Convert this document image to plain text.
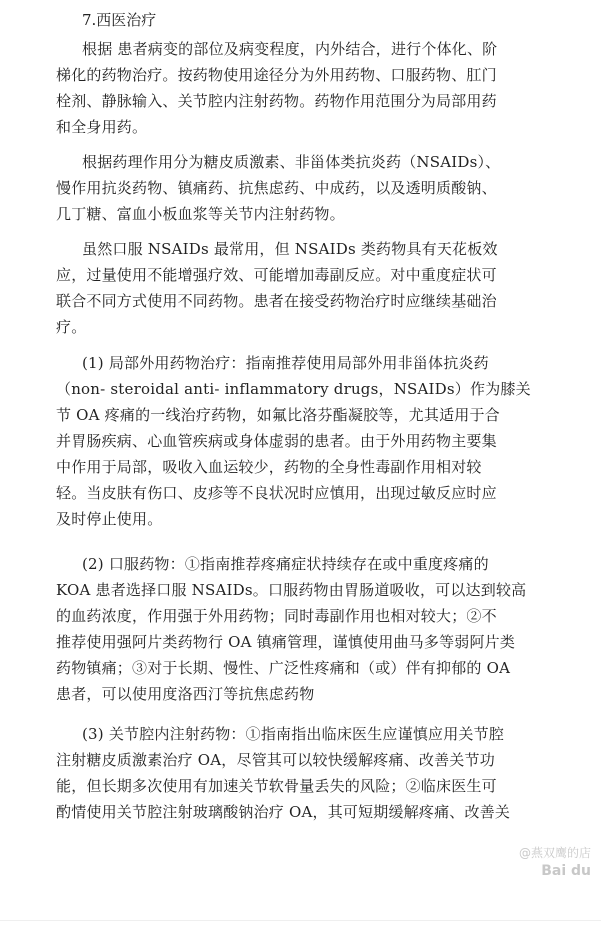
7.西医治疗
根据 患者病变的部位及病变程度，内外结合，进行个体化、阶
梯化的药物治疗。按药物使用途径分为外用药物、口服药物、肛门
栓剂、静脉输入、关节腔内注射药物。药物作用范围分为局部用药
和全身用药。
根据药理作用分为糖皮质激素、非甾体类抗炎药（NSAIDs）、
慢作用抗炎药物、镇痛药、抗焦虑药、中成药，以及透明质酸钠、
几丁糖、富血小板血浆等关节内注射药物。
虽然口服 NSAIDs 最常用，但 NSAIDs 类药物具有天花板效
应，过量使用不能增强疗效、可能增加毒副反应。对中重度症状可
联合不同方式使用不同药物。患者在接受药物治疗时应继续基础治
疗。
(1) 局部外用药物治疗：指南推荐使用局部外用非甾体抗炎药
（non- steroidal anti- inflammatory drugs，NSAIDs）作为膝关
节 OA 疼痛的一线治疗药物，如氟比洛芬酯凝胶等，尤其适用于合
并胃肠疾病、心血管疾病或身体虚弱的患者。由于外用药物主要集
中作用于局部，吸收入血运较少，药物的全身性毒副作用相对较
轻。当皮肤有伤口、皮疹等不良状况时应慎用，出现过敏反应时应
及时停止使用。
(2) 口服药物：①指南推荐疼痛症状持续存在或中重度疼痛的
KOA 患者选择口服 NSAIDs。口服药物由胃肠道吸收，可以达到较高
的血药浓度，作用强于外用药物；同时毒副作用也相对较大；②不
推荐使用强阿片类药物行 OA 镇痛管理，谨慎使用曲马多等弱阿片类
药物镇痛；③对于长期、慢性、广泛性疼痛和（或）伴有抑郁的 OA
患者，可以使用度洛西汀等抗焦虑药物
(3) 关节腔内注射药物：①指南指出临床医生应谨慎应用关节腔
注射糖皮质激素治疗 OA，尽管其可以较快缓解疼痛、改善关节功
能，但长期多次使用有加速关节软骨量丢失的风险；②临床医生可
酌情使用关节腔注射玻璃酸钠治疗 OA，其可短期缓解疼痛、改善关
@燕双鹰的店
Bai du
